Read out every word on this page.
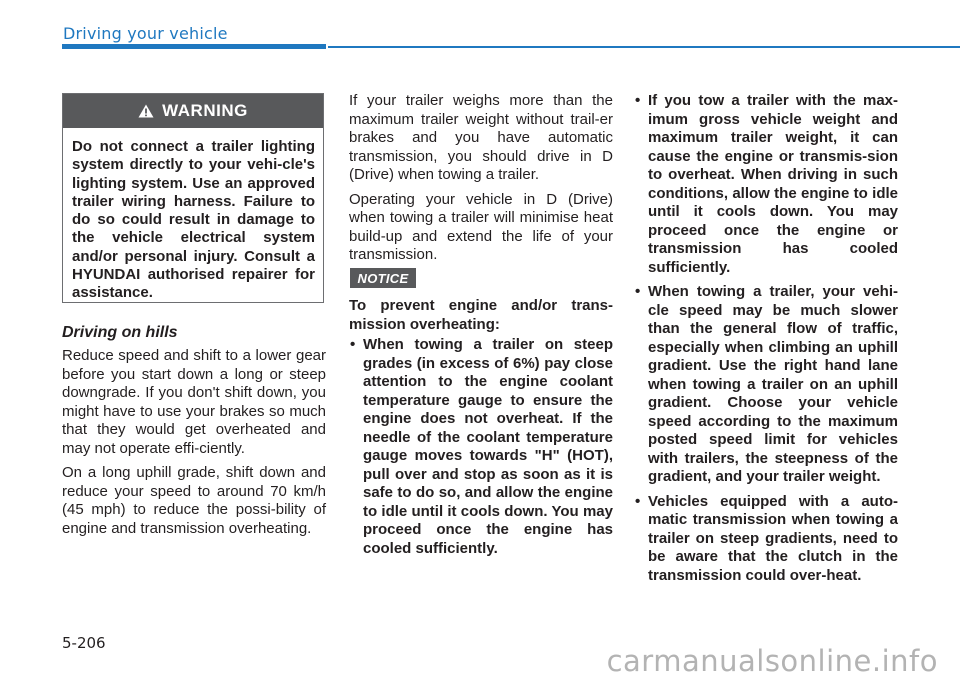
Driving your vehicle
WARNING
Do not connect a trailer lighting system directly to your vehi-cle's lighting system. Use an approved trailer wiring harness. Failure to do so could result in damage to the vehicle electrical system and/or personal injury. Consult a HYUNDAI authorised repairer for assistance.
Driving on hills

Reduce speed and shift to a lower gear before you start down a long or steep downgrade. If you don't shift down, you might have to use your brakes so much that they would get overheated and may not operate effi-ciently.

On a long uphill grade, shift down and reduce your speed to around 70 km/h (45 mph) to reduce the possi-bility of engine and transmission overheating.

If your trailer weighs more than the maximum trailer weight without trail-er brakes and you have automatic transmission, you should drive in D (Drive) when towing a trailer.

Operating your vehicle in D (Drive) when towing a trailer will minimise heat build-up and extend the life of your transmission.

NOTICE

To prevent engine and/or trans-mission overheating:

• When towing a trailer on steep grades (in excess of 6%) pay close attention to the engine coolant temperature gauge to ensure the engine does not overheat. If the needle of the coolant temperature gauge moves towards "H" (HOT), pull over and stop as soon as it is safe to do so, and allow the engine to idle until it cools down. You may proceed once the engine has cooled sufficiently.
• If you tow a trailer with the max-imum gross vehicle weight and maximum trailer weight, it can cause the engine or transmis-sion to overheat. When driving in such conditions, allow the engine to idle until it cools down. You may proceed once the engine or transmission has cooled sufficiently.
• When towing a trailer, your vehi-cle speed may be much slower than the general flow of traffic, especially when climbing an uphill gradient. Use the right hand lane when towing a trailer on an uphill gradient. Choose your vehicle speed according to the maximum posted speed limit for vehicles with trailers, the steepness of the gradient, and your trailer weight.
• Vehicles equipped with a auto-matic transmission when towing a trailer on steep gradients, need to be aware that the clutch in the transmission could over-heat.
5-206
carmanualsonline.info
